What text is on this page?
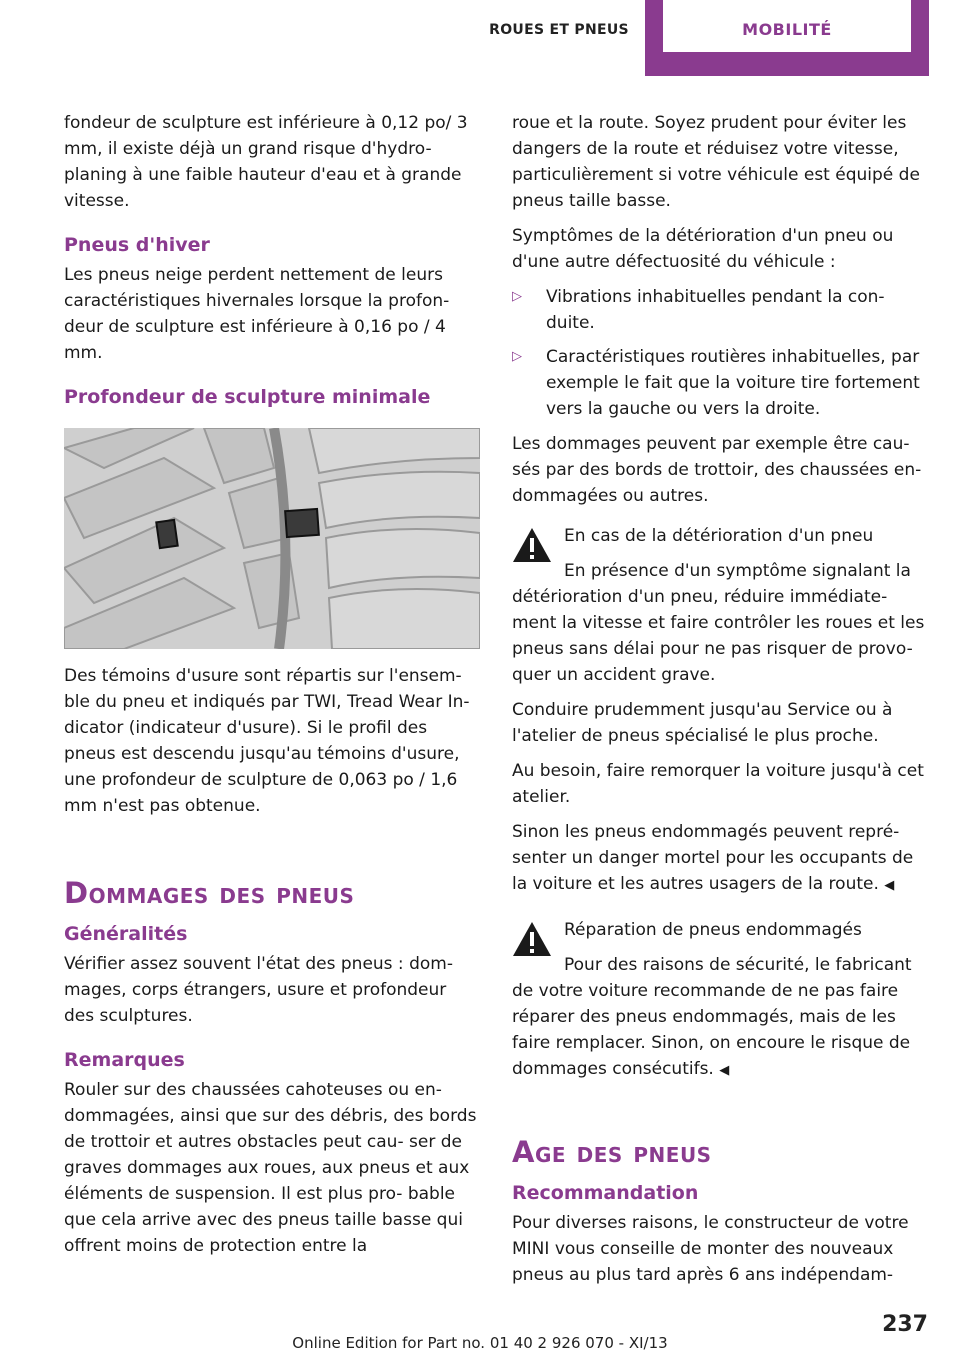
ROUES ET PNEUS	MOBILITÉ

fondeur de sculpture est inférieure à 0,12 po/ 3 mm, il existe déjà un grand risque d'hydro- planing à une faible hauteur d'eau et à grande vitesse.

Pneus d'hiver

Les pneus neige perdent nettement de leurs caractéristiques hivernales lorsque la profon- deur de sculpture est inférieure à 0,16 po / 4 mm.

Profondeur de sculpture minimale

Des témoins d'usure sont répartis sur l'ensem- ble du pneu et indiqués par TWI, Tread Wear In- dicator (indicateur d'usure). Si le profil des pneus est descendu jusqu'au témoins d'usure, une profondeur de sculpture de 0,063 po / 1,6 mm n'est pas obtenue.

Dommages des pneus
Généralités

Vérifier assez souvent l'état des pneus : dom- mages, corps étrangers, usure et profondeur des sculptures.

Remarques

Rouler sur des chaussées cahoteuses ou en- dommagées, ainsi que sur des débris, des bords de trottoir et autres obstacles peut cau- ser de graves dommages aux roues, aux pneus et aux éléments de suspension. Il est plus pro- bable que cela arrive avec des pneus taille basse qui offrent moins de protection entre la

roue et la route. Soyez prudent pour éviter les dangers de la route et réduisez votre vitesse, particulièrement si votre véhicule est équipé de pneus taille basse.

Symptômes de la détérioration d'un pneu ou d'une autre défectuosité du véhicule :

▷ Vibrations inhabituelles pendant la con- duite.
▷ Caractéristiques routières inhabituelles, par exemple le fait que la voiture tire fortement vers la gauche ou vers la droite.

Les dommages peuvent par exemple être cau- sés par des bords de trottoir, des chaussées en- dommagées ou autres.

En cas de la détérioration d'un pneu
En présence d'un symptôme signalant la
détérioration d'un pneu, réduire immédiate- ment la vitesse et faire contrôler les roues et les pneus sans délai pour ne pas risquer de provo- quer un accident grave.

Conduire prudemment jusqu'au Service ou à l'atelier de pneus spécialisé le plus proche.

Au besoin, faire remorquer la voiture jusqu'à cet atelier.

Sinon les pneus endommagés peuvent repré- senter un danger mortel pour les occupants de la voiture et les autres usagers de la route. ◀

Réparation de pneus endommagés
Pour des raisons de sécurité, le fabricant
de votre voiture recommande de ne pas faire réparer des pneus endommagés, mais de les faire remplacer. Sinon, on encoure le risque de dommages consécutifs. ◀
Age des pneus
Recommandation

Pour diverses raisons, le constructeur de votre MINI vous conseille de monter des nouveaux pneus au plus tard après 6 ans indépendam-

237
Online Edition for Part no. 01 40 2 926 070 - XI/13
